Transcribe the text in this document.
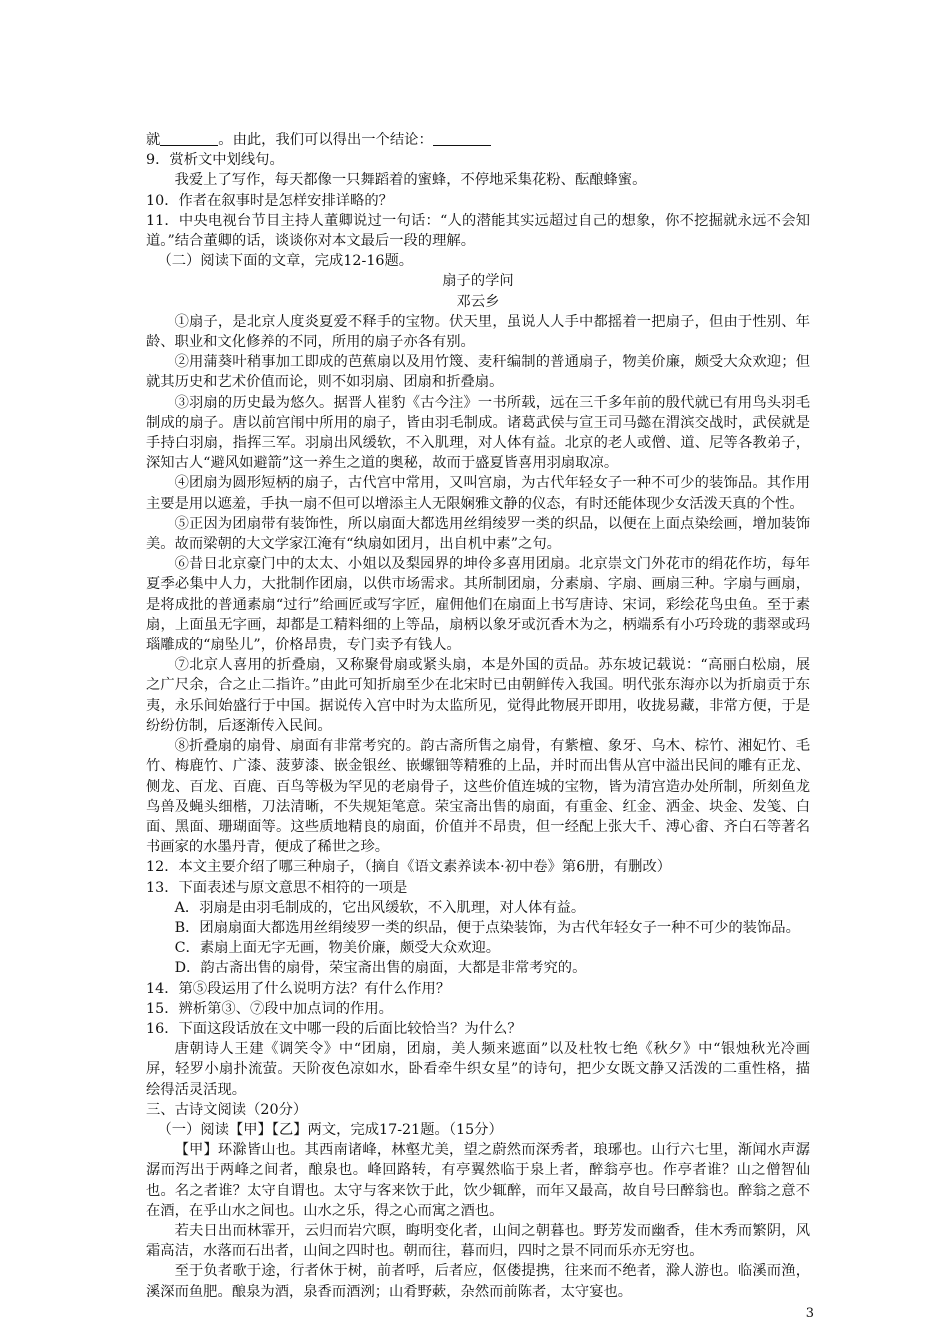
就	。由此，我们可以得出一个结论：

9．赏析文中划线句。

我爱上了写作，每天都像一只舞蹈着的蜜蜂，不停地采集花粉、酝酿蜂蜜。

10．作者在叙事时是怎样安排详略的？

11．中央电视台节目主持人董卿说过一句话：“人的潜能其实远超过自己的想象，你不挖掘就永远不会知道。”结合董卿的话，谈谈你对本文最后一段的理解。

（二）阅读下面的文章，完成12-16题。

扇子的学问

邓云乡

①扇子，是北京人度炎夏爱不释手的宝物。伏天里，虽说人人手中都摇着一把扇子，但由于性别、年龄、职业和文化修养的不同，所用的扇子亦各有别。

②用蒲葵叶稍事加工即成的芭蕉扇以及用竹篾、麦秆编制的普通扇子，物美价廉，颇受大众欢迎；但就其历史和艺术价值而论，则不如羽扇、团扇和折叠扇。

③羽扇的历史最为悠久。据晋人崔豹《古今注》一书所载，远在三千多年前的殷代就已有用鸟头羽毛制成的扇子。唐以前宫闱中所用的扇子，皆由羽毛制成。诸葛武侯与宣王司马懿在渭滨交战时，武侯就是手持白羽扇，指挥三军。羽扇出风缓软，不入肌理，对人体有益。北京的老人或僧、道、尼等各教弟子，深知古人“避风如避箭”这一养生之道的奥秘，故而于盛夏皆喜用羽扇取凉。

④团扇为圆形短柄的扇子，古代宫中常用，又叫宫扇，为古代年轻女子一种不可少的装饰品。其作用主要是用以遮羞，手执一扇不但可以增添主人无限娴雅文静的仪态，有时还能体现少女活泼天真的个性。

⑤正因为团扇带有装饰性，所以扇面大都选用丝绢绫罗一类的织品，以便在上面点染绘画，增加装饰美。故而梁朝的大文学家江淹有“纨扇如团月，出自机中素”之句。

⑥昔日北京豪门中的太太、小姐以及梨园界的坤伶多喜用团扇。北京崇文门外花市的绢花作坊，每年夏季必集中人力，大批制作团扇，以供市场需求。其所制团扇，分素扇、字扇、画扇三种。字扇与画扇，是将成批的普通素扇“过行”给画匠或写字匠，雇佣他们在扇面上书写唐诗、宋词，彩绘花鸟虫鱼。至于素扇，上面虽无字画，却都是工精料细的上等品，扇柄以象牙或沉香木为之，柄端系有小巧玲珑的翡翠或玛瑙雕成的“扇坠儿”，价格昂贵，专门卖予有钱人。

⑦北京人喜用的折叠扇，又称聚骨扇或紧头扇，本是外国的贡品。苏东坡记载说：“高丽白松扇，展之广尺余，合之止二指许。”由此可知折扇至少在北宋时已由朝鲜传入我国。明代张东海亦以为折扇贡于东夷，永乐间始盛行于中国。据说传入宫中时为太监所见，觉得此物展开即用，收拢易藏，非常方便，于是纷纷仿制，后逐渐传入民间。

⑧折叠扇的扇骨、扇面有非常考究的。韵古斋所售之扇骨，有紫檀、象牙、乌木、棕竹、湘妃竹、毛竹、梅鹿竹、广漆、菠萝漆、嵌金银丝、嵌螺钿等精雅的上品，并时而出售从宫中溢出民间的雕有正龙、侧龙、百龙、百鹿、百鸟等极为罕见的老扇骨子，这些价值连城的宝物，皆为清宫造办处所制，所刻鱼龙鸟兽及蝇头细楷，刀法清晰，不失规矩笔意。荣宝斋出售的扇面，有重金、红金、洒金、块金、发笺、白面、黑面、珊瑚面等。这些质地精良的扇面，价值并不昂贵，但一经配上张大千、溥心畬、齐白石等著名书画家的水墨丹青，便成了稀世之珍。

12．本文主要介绍了哪三种扇子，（摘自《语文素养读本·初中卷》第6册，有删改）

13．下面表述与原文意思不相符的一项是

A．羽扇是由羽毛制成的，它出风缓软，不入肌理，对人体有益。

B．团扇扇面大都选用丝绢绫罗一类的织品，便于点染装饰，为古代年轻女子一种不可少的装饰品。

C．素扇上面无字无画，物美价廉，颇受大众欢迎。

D．韵古斋出售的扇骨，荣宝斋出售的扇面，大都是非常考究的。

14．第⑤段运用了什么说明方法？有什么作用？

15．辨析第③、⑦段中加点词的作用。

16．下面这段话放在文中哪一段的后面比较恰当？为什么？

唐朝诗人王建《调笑令》中“团扇，团扇，美人频来遮面”以及杜牧七绝《秋夕》中“银烛秋光冷画屏，轻罗小扇扑流萤。天阶夜色凉如水，卧看牵牛织女星”的诗句，把少女既文静又活泼的二重性格，描绘得活灵活现。

三、古诗文阅读（20分）

（一）阅读【甲】【乙】两文，完成17-21题。（15分）

【甲】环滁皆山也。其西南诸峰，林壑尤美，望之蔚然而深秀者，琅琊也。山行六七里，渐闻水声潺潺而泻出于两峰之间者，酿泉也。峰回路转，有亭翼然临于泉上者，醉翁亭也。作亭者谁？山之僧智仙也。名之者谁？太守自谓也。太守与客来饮于此，饮少辄醉，而年又最高，故自号曰醉翁也。醉翁之意不在酒，在乎山水之间也。山水之乐，得之心而寓之酒也。

若夫日出而林霏开，云归而岩穴暝，晦明变化者，山间之朝暮也。野芳发而幽香，佳木秀而繁阴，风霜高洁，水落而石出者，山间之四时也。朝而往，暮而归，四时之景不同而乐亦无穷也。

至于负者歌于途，行者休于树，前者呼，后者应，伛偻提携，往来而不绝者，滁人游也。临溪而渔，溪深而鱼肥。酿泉为酒，泉香而酒洌；山肴野蔌，杂然而前陈者，太守宴也。

3
